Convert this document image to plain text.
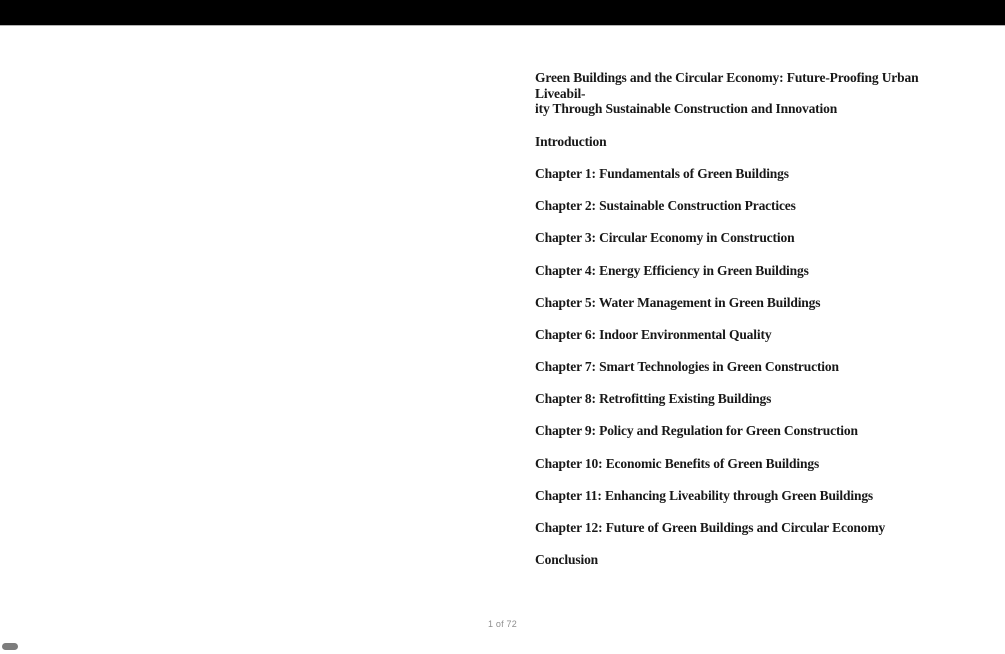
Green Buildings and the Circular Economy: Future-Proofing Urban Liveabil-
ity Through Sustainable Construction and Innovation
Introduction
Chapter 1: Fundamentals of Green Buildings
Chapter 2: Sustainable Construction Practices
Chapter 3: Circular Economy in Construction
Chapter 4: Energy Efficiency in Green Buildings
Chapter 5: Water Management in Green Buildings
Chapter 6: Indoor Environmental Quality
Chapter 7: Smart Technologies in Green Construction
Chapter 8: Retrofitting Existing Buildings
Chapter 9: Policy and Regulation for Green Construction
Chapter 10: Economic Benefits of Green Buildings
Chapter 11: Enhancing Liveability through Green Buildings
Chapter 12: Future of Green Buildings and Circular Economy
Conclusion
1 of 72
